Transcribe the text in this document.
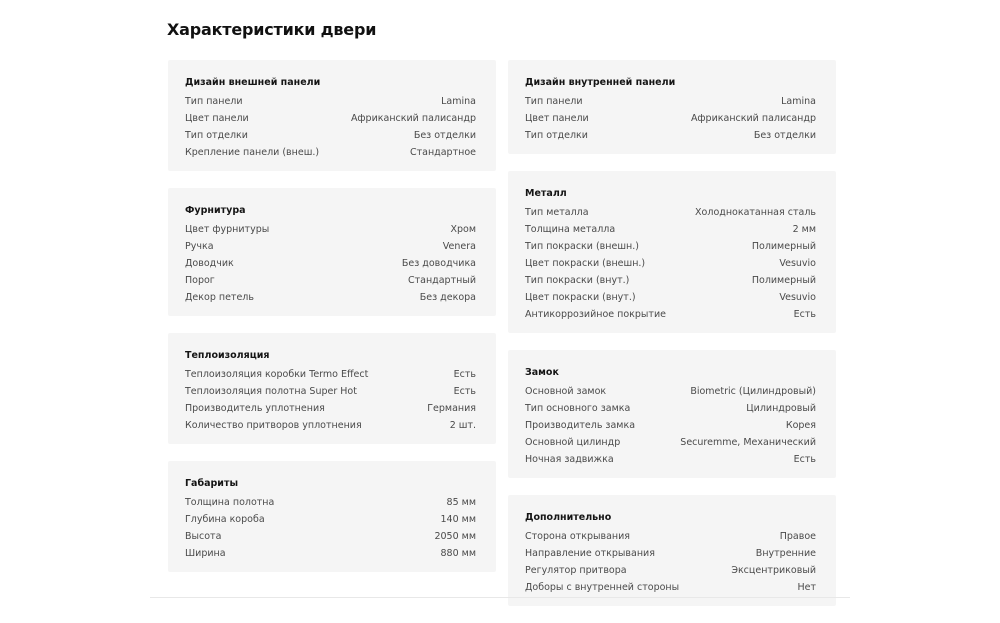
Характеристики двери
Дизайн внешней панели
Тип панели	Lamina
Цвет панели	Африканский палисандр
Тип отделки	Без отделки
Крепление панели (внеш.)	Стандартное
Фурнитура
Цвет фурнитуры	Хром
Ручка	Venera
Доводчик	Без доводчика
Порог	Стандартный
Декор петель	Без декора
Теплоизоляция
Теплоизоляция коробки Termo Effect	Есть
Теплоизоляция полотна Super Hot	Есть
Производитель уплотнения	Германия
Количество притворов уплотнения	2 шт.
Габариты
Толщина полотна	85 мм
Глубина короба	140 мм
Высота	2050 мм
Ширина	880 мм
Дизайн внутренней панели
Тип панели	Lamina
Цвет панели	Африканский палисандр
Тип отделки	Без отделки
Металл
Тип металла	Холоднокатанная сталь
Толщина металла	2 мм
Тип покраски (внешн.)	Полимерный
Цвет покраски (внешн.)	Vesuvio
Тип покраски (внут.)	Полимерный
Цвет покраски (внут.)	Vesuvio
Антикоррозийное покрытие	Есть
Замок
Основной замок	Biometric (Цилиндровый)
Тип основного замка	Цилиндровый
Производитель замка	Корея
Основной цилиндр	Securemme, Механический
Ночная задвижка	Есть
Дополнительно
Сторона открывания	Правое
Направление открывания	Внутренние
Регулятор притвора	Эксцентриковый
Доборы с внутренней стороны	Нет
